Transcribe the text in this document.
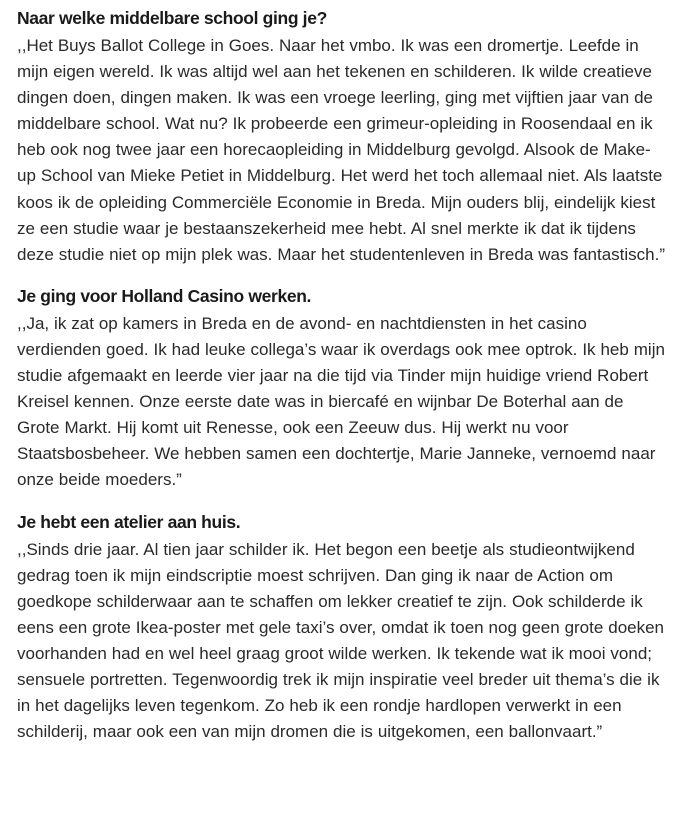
Naar welke middelbare school ging je?

,,Het Buys Ballot College in Goes. Naar het vmbo. Ik was een dromertje. Leefde in mijn eigen wereld. Ik was altijd wel aan het tekenen en schilderen. Ik wilde creatieve dingen doen, dingen maken. Ik was een vroege leerling, ging met vijftien jaar van de middelbare school. Wat nu? Ik probeerde een grimeur-opleiding in Roosendaal en ik heb ook nog twee jaar een horecaopleiding in Middelburg gevolgd. Alsook de Make-up School van Mieke Petiet in Middelburg. Het werd het toch allemaal niet. Als laatste koos ik de opleiding Commerciële Economie in Breda. Mijn ouders blij, eindelijk kiest ze een studie waar je bestaanszekerheid mee hebt. Al snel merkte ik dat ik tijdens deze studie niet op mijn plek was. Maar het studentenleven in Breda was fantastisch.”

Je ging voor Holland Casino werken.

,,Ja, ik zat op kamers in Breda en de avond- en nachtdiensten in het casino verdienden goed. Ik had leuke collega’s waar ik overdags ook mee optrok. Ik heb mijn studie afgemaakt en leerde vier jaar na die tijd via Tinder mijn huidige vriend Robert Kreisel kennen. Onze eerste date was in biercafé en wijnbar De Boterhal aan de Grote Markt. Hij komt uit Renesse, ook een Zeeuw dus. Hij werkt nu voor Staatsbosbeheer. We hebben samen een dochtertje, Marie Janneke, vernoemd naar onze beide moeders.”

Je hebt een atelier aan huis.

,,Sinds drie jaar. Al tien jaar schilder ik. Het begon een beetje als studieontwijkend gedrag toen ik mijn eindscriptie moest schrijven. Dan ging ik naar de Action om goedkope schilderwaar aan te schaffen om lekker creatief te zijn. Ook schilderde ik eens een grote Ikea-poster met gele taxi’s over, omdat ik toen nog geen grote doeken voorhanden had en wel heel graag groot wilde werken. Ik tekende wat ik mooi vond; sensuele portretten. Tegenwoordig trek ik mijn inspiratie veel breder uit thema’s die ik in het dagelijks leven tegenkom. Zo heb ik een rondje hardlopen verwerkt in een schilderij, maar ook een van mijn dromen die is uitgekomen, een ballonvaart.”
